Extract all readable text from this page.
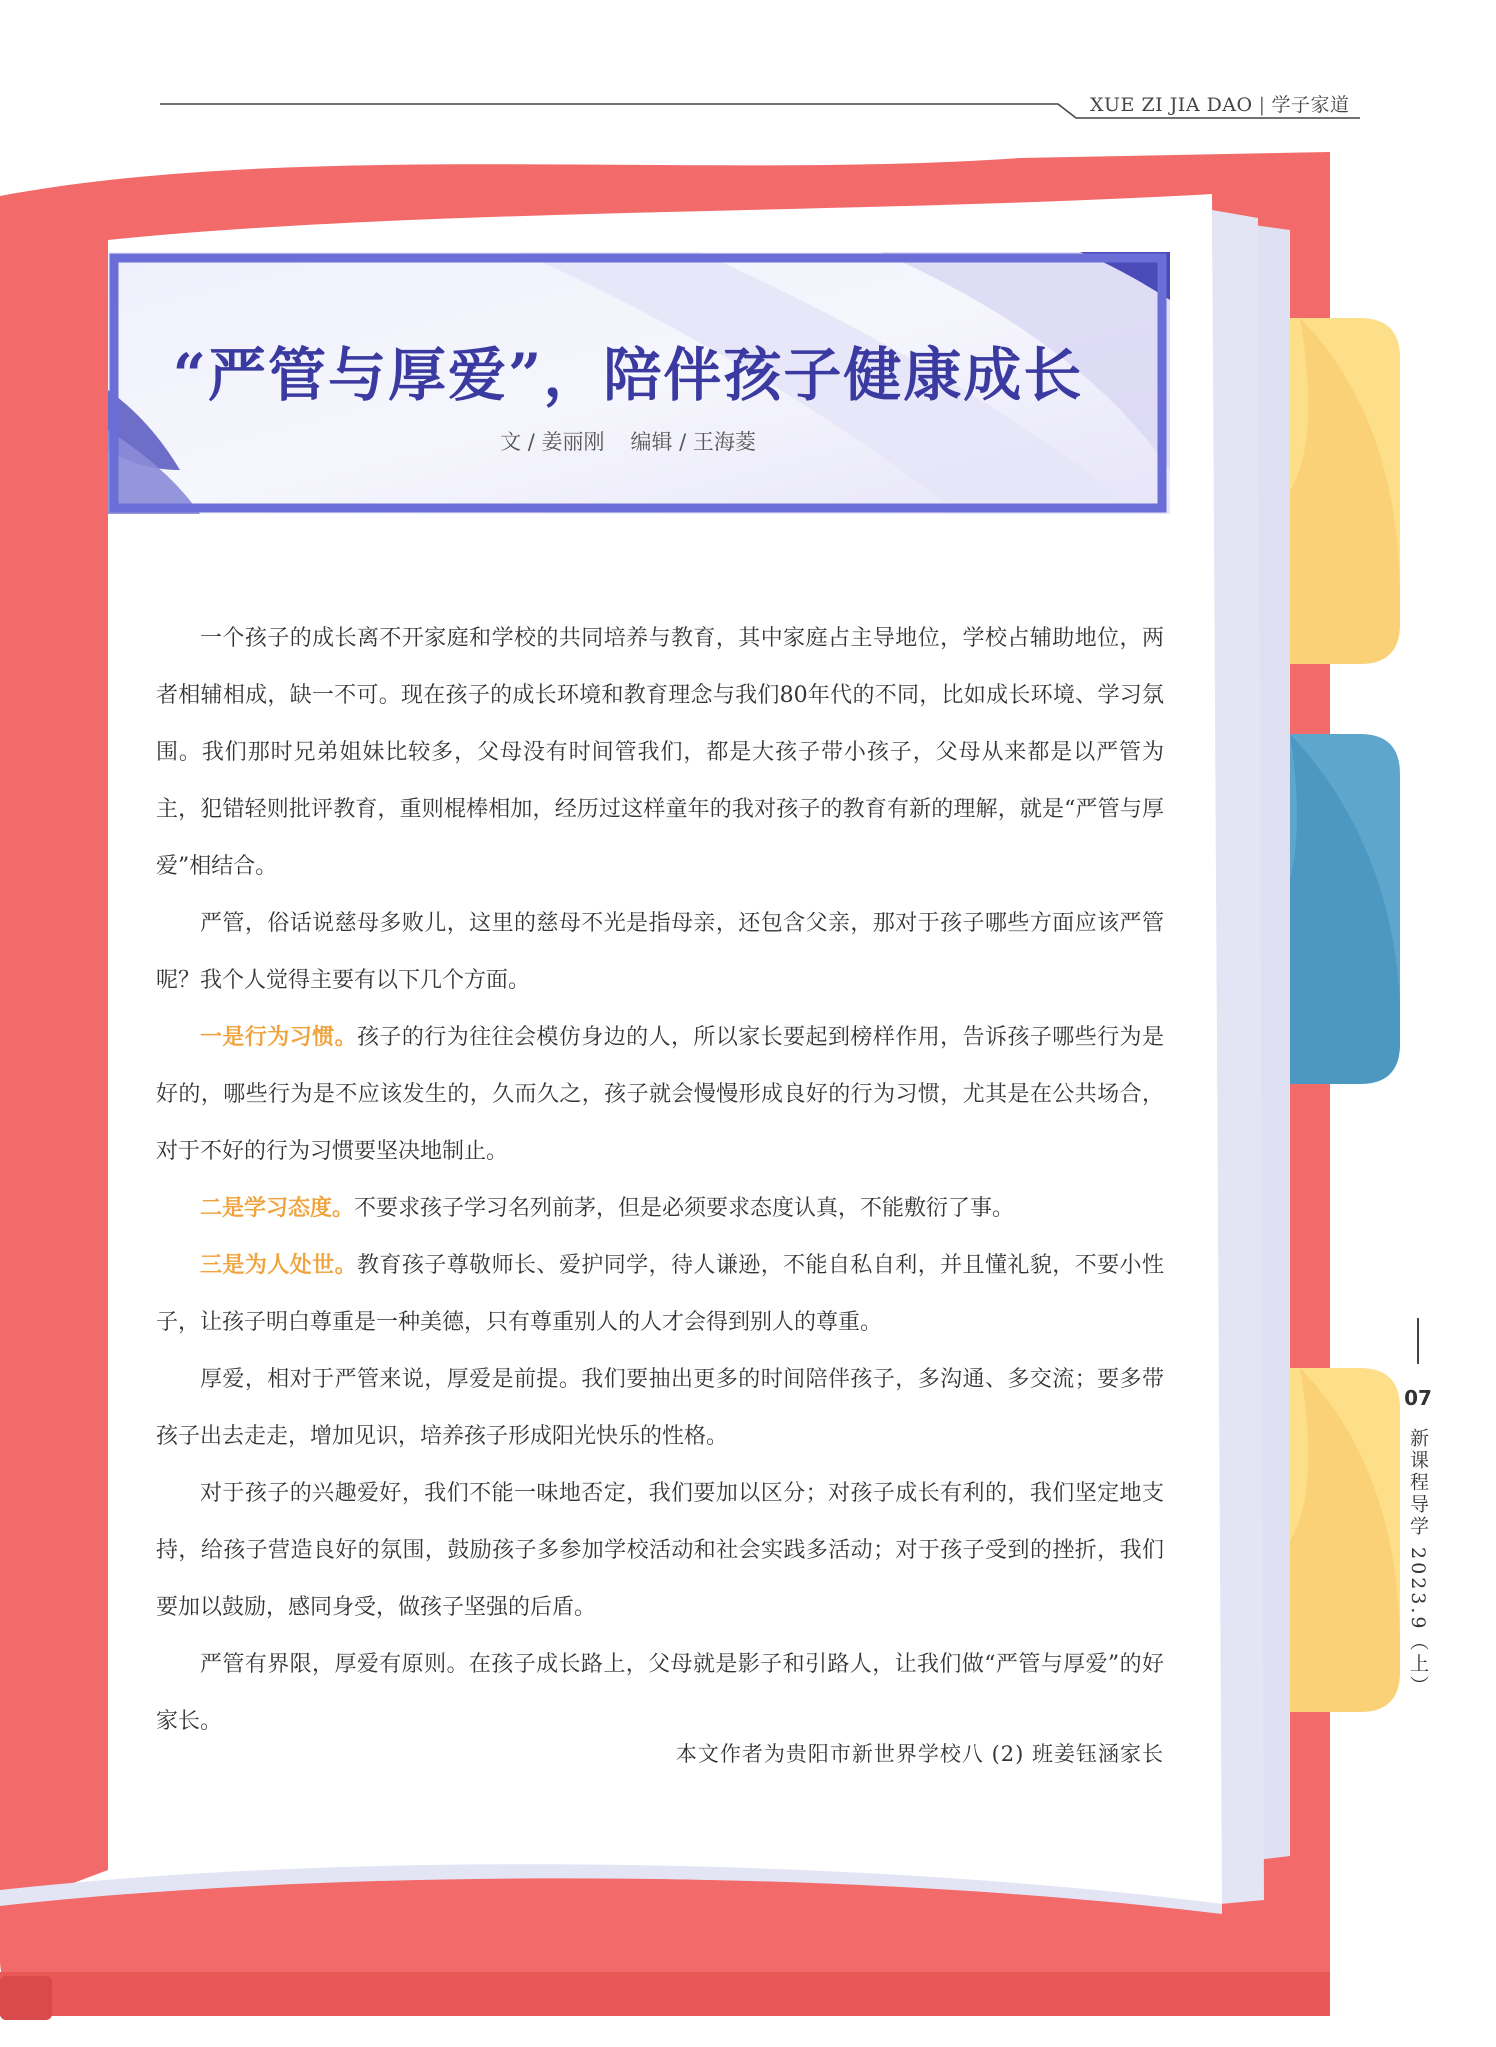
XUE ZI JIA DAO | 学子家道
“严管与厚爱”，陪伴孩子健康成长
文 / 姜丽刚 编辑 / 王海菱

一个孩子的成长离不开家庭和学校的共同培养与教育，其中家庭占主导地位，学校占辅助地位，两者相辅相成，缺一不可。现在孩子的成长环境和教育理念与我们80年代的不同，比如成长环境、学习氛围。我们那时兄弟姐妹比较多，父母没有时间管我们，都是大孩子带小孩子，父母从来都是以严管为主，犯错轻则批评教育，重则棍棒相加，经历过这样童年的我对孩子的教育有新的理解，就是“严管与厚爱”相结合。

严管，俗话说慈母多败儿，这里的慈母不光是指母亲，还包含父亲，那对于孩子哪些方面应该严管呢？我个人觉得主要有以下几个方面。

一是行为习惯。孩子的行为往往会模仿身边的人，所以家长要起到榜样作用，告诉孩子哪些行为是好的，哪些行为是不应该发生的，久而久之，孩子就会慢慢形成良好的行为习惯，尤其是在公共场合，对于不好的行为习惯要坚决地制止。

二是学习态度。不要求孩子学习名列前茅，但是必须要求态度认真，不能敷衍了事。

三是为人处世。教育孩子尊敬师长、爱护同学，待人谦逊，不能自私自利，并且懂礼貌，不要小性子，让孩子明白尊重是一种美德，只有尊重别人的人才会得到别人的尊重。

厚爱，相对于严管来说，厚爱是前提。我们要抽出更多的时间陪伴孩子，多沟通、多交流；要多带孩子出去走走，增加见识，培养孩子形成阳光快乐的性格。

对于孩子的兴趣爱好，我们不能一味地否定，我们要加以区分；对孩子成长有利的，我们坚定地支持，给孩子营造良好的氛围，鼓励孩子多参加学校活动和社会实践多活动；对于孩子受到的挫折，我们要加以鼓励，感同身受，做孩子坚强的后盾。

严管有界限，厚爱有原则。在孩子成长路上，父母就是影子和引路人，让我们做“严管与厚爱”的好家长。

本文作者为贵阳市新世界学校八 (2) 班姜钰涵家长
07
新课程导学 2023.9（上）
